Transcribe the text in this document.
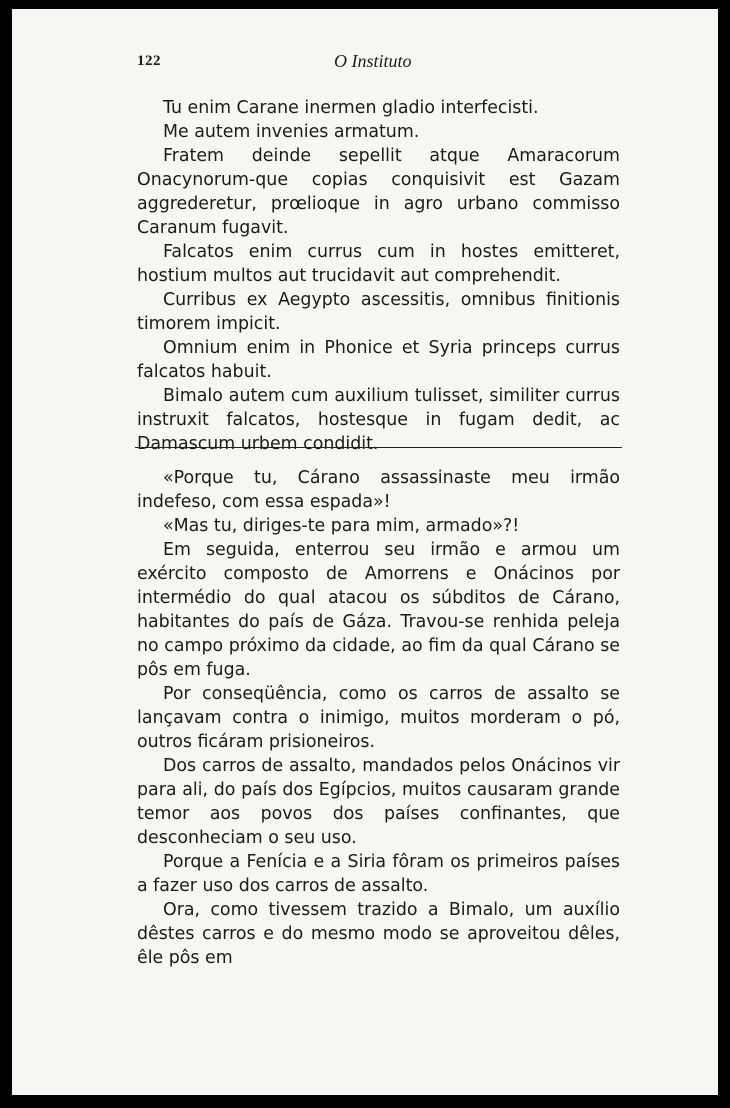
122	O Instituto

Tu enim Carane inermen gladio interfecisti.

Me autem invenies armatum.

Fratem deinde sepellit atque Amaracorum Onacynorum-que copias conquisivit est Gazam aggrederetur, prœlioque in agro urbano commisso Caranum fugavit.

Falcatos enim currus cum in hostes emitteret, hostium multos aut trucidavit aut comprehendit.

Curribus ex Aegypto ascessitis, omnibus finitionis timorem impicit.

Omnium enim in Phonice et Syria princeps currus falcatos habuit.

Bimalo autem cum auxilium tulisset, similiter currus instruxit falcatos, hostesque in fugam dedit, ac Damascum urbem condidit.

«Porque tu, Cárano assassinaste meu irmão indefeso, com essa espada»!

«Mas tu, diriges-te para mim, armado»?!

Em seguida, enterrou seu irmão e armou um exército composto de Amorrens e Onácinos por intermédio do qual atacou os súbditos de Cárano, habitantes do país de Gáza. Travou-se renhida peleja no campo próximo da cidade, ao fim da qual Cárano se pôs em fuga.

Por conseqüência, como os carros de assalto se lançavam contra o inimigo, muitos morderam o pó, outros ficáram prisioneiros.

Dos carros de assalto, mandados pelos Onácinos vir para ali, do país dos Egípcios, muitos causaram grande temor aos povos dos países confinantes, que desconheciam o seu uso.

Porque a Fenícia e a Siria fôram os primeiros países a fazer uso dos carros de assalto.

Ora, como tivessem trazido a Bimalo, um auxílio dêstes carros e do mesmo modo se aproveitou dêles, êle pôs em
